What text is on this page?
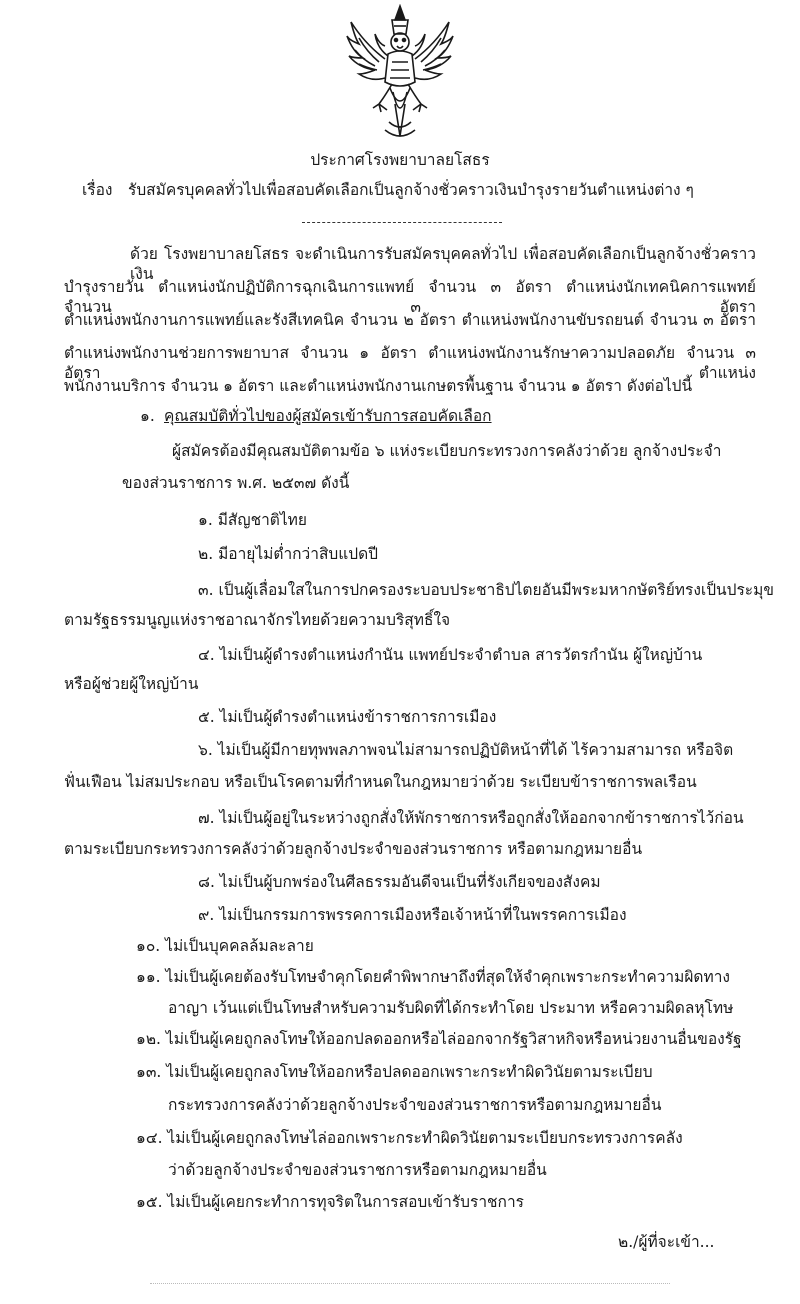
ประกาศโรงพยาบาลยโสธร
เรื่อง รับสมัครบุคคลทั่วไปเพื่อสอบคัดเลือกเป็นลูกจ้างชั่วคราวเงินบำรุงรายวันตำแหน่งต่าง ๆ
ด้วย โรงพยาบาลยโสธร จะดำเนินการรับสมัครบุคคลทั่วไป เพื่อสอบคัดเลือกเป็นลูกจ้างชั่วคราวเงิน
บำรุงรายวัน ตำแหน่งนักปฏิบัติการฉุกเฉินการแพทย์ จำนวน ๓ อัตรา ตำแหน่งนักเทคนิคการแพทย์ จำนวน ๓ อัตรา
ตำแหน่งพนักงานการแพทย์และรังสีเทคนิค จำนวน ๒ อัตรา ตำแหน่งพนักงานขับรถยนต์ จำนวน ๓ อัตรา
ตำแหน่งพนักงานช่วยการพยาบาส จำนวน ๑ อัตรา ตำแหน่งพนักงานรักษาความปลอดภัย จำนวน ๓ อัตรา ตำแหน่ง
พนักงานบริการ จำนวน ๑ อัตรา และตำแหน่งพนักงานเกษตรพื้นฐาน จำนวน ๑ อัตรา ดังต่อไปนี้
๑. คุณสมบัติทั่วไปของผู้สมัครเข้ารับการสอบคัดเลือก
ผู้สมัครต้องมีคุณสมบัติตามข้อ ๖ แห่งระเบียบกระทรวงการคลังว่าด้วย ลูกจ้างประจำ
ของส่วนราชการ พ.ศ. ๒๕๓๗ ดังนี้
๑. มีสัญชาติไทย
๒. มีอายุไม่ต่ำกว่าสิบแปดปี
๓. เป็นผู้เลื่อมใสในการปกครองระบอบประชาธิปไตยอันมีพระมหากษัตริย์ทรงเป็นประมุข
ตามรัฐธรรมนูญแห่งราชอาณาจักรไทยด้วยความบริสุทธิ์ใจ
๔. ไม่เป็นผู้ดำรงตำแหน่งกำนัน แพทย์ประจำตำบล สารวัตรกำนัน ผู้ใหญ่บ้าน
หรือผู้ช่วยผู้ใหญ่บ้าน
๕. ไม่เป็นผู้ดำรงตำแหน่งข้าราชการการเมือง
๖. ไม่เป็นผู้มีกายทุพพลภาพจนไม่สามารถปฏิบัติหน้าที่ได้ ไร้ความสามารถ หรือจิต
ฟั่นเฟือน ไม่สมประกอบ หรือเป็นโรคตามที่กำหนดในกฎหมายว่าด้วย ระเบียบข้าราชการพลเรือน
๗. ไม่เป็นผู้อยู่ในระหว่างถูกสั่งให้พักราชการหรือถูกสั่งให้ออกจากข้าราชการไว้ก่อน
ตามระเบียบกระทรวงการคลังว่าด้วยลูกจ้างประจำของส่วนราชการ หรือตามกฎหมายอื่น
๘. ไม่เป็นผู้บกพร่องในศีลธรรมอันดีจนเป็นที่รังเกียจของสังคม
๙. ไม่เป็นกรรมการพรรคการเมืองหรือเจ้าหน้าที่ในพรรคการเมือง
๑๐. ไม่เป็นบุคคลล้มละลาย
๑๑. ไม่เป็นผู้เคยต้องรับโทษจำคุกโดยคำพิพากษาถึงที่สุดให้จำคุกเพราะกระทำความผิดทาง
อาญา เว้นแต่เป็นโทษสำหรับความรับผิดที่ได้กระทำโดย ประมาท หรือความผิดลหุโทษ
๑๒. ไม่เป็นผู้เคยถูกลงโทษให้ออกปลดออกหรือไล่ออกจากรัฐวิสาหกิจหรือหน่วยงานอื่นของรัฐ
๑๓. ไม่เป็นผู้เคยถูกลงโทษให้ออกหรือปลดออกเพราะกระทำผิดวินัยตามระเบียบ
กระทรวงการคลังว่าด้วยลูกจ้างประจำของส่วนราชการหรือตามกฎหมายอื่น
๑๔. ไม่เป็นผู้เคยถูกลงโทษไล่ออกเพราะกระทำผิดวินัยตามระเบียบกระทรวงการคลัง
ว่าด้วยลูกจ้างประจำของส่วนราชการหรือตามกฎหมายอื่น
๑๕. ไม่เป็นผู้เคยกระทำการทุจริตในการสอบเข้ารับราชการ
๒./ผู้ที่จะเข้า...
